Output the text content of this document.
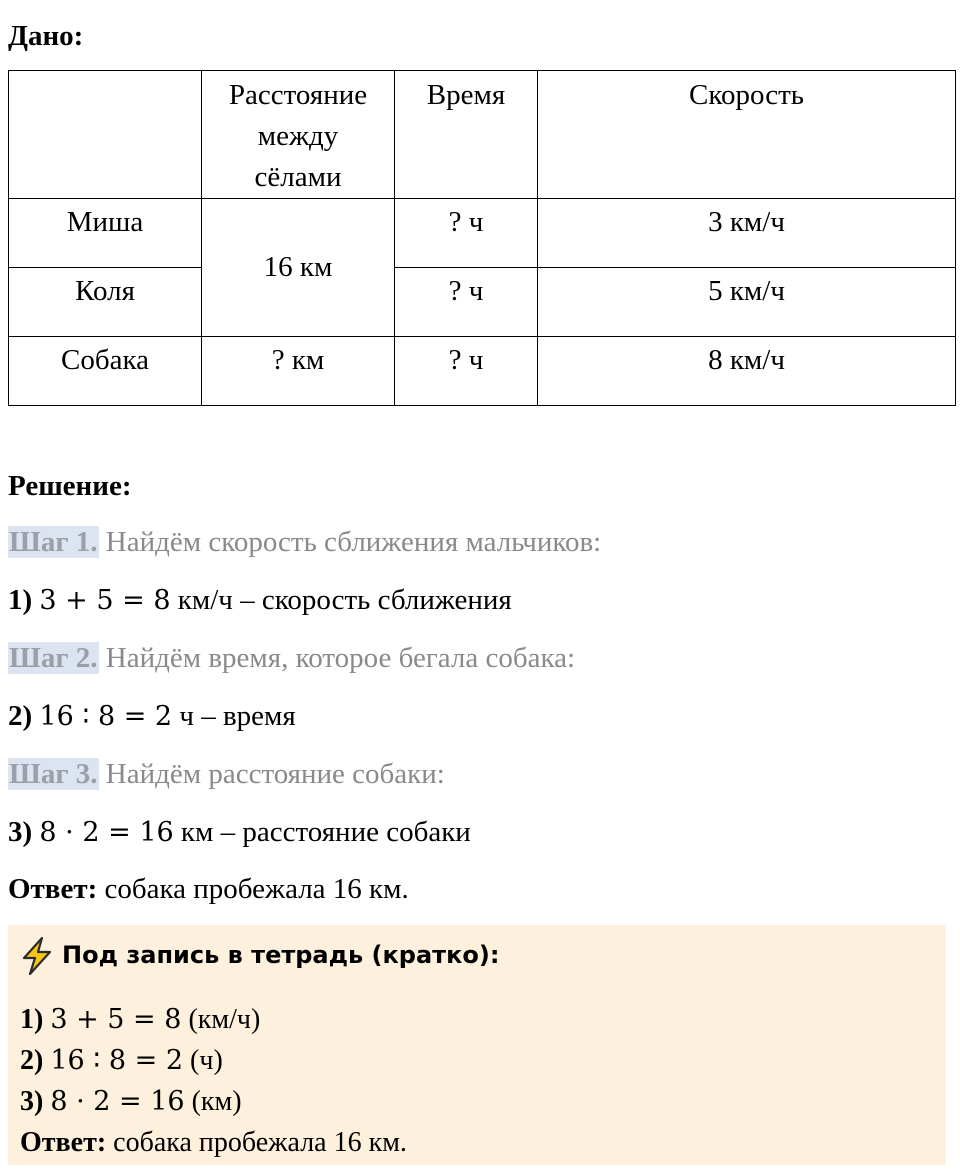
Дано:

	Расстояние
между
сёлами	Время	Скорость
Миша	16 км	? ч	3 км/ч
Коля		? ч	5 км/ч
Собака	? км	? ч	8 км/ч
Решение:
Шаг 1. Найдём скорость сближения мальчиков:
1) 3 + 5 = 8 км/ч – скорость сближения
Шаг 2. Найдём время, которое бегала собака:
2) 16 ∶ 8 = 2 ч – время
Шаг 3. Найдём расстояние собаки:
3) 8 · 2 = 16 км – расстояние собаки
Ответ: собака пробежала 16 км.
Под запись в тетрадь (кратко):
1) 3 + 5 = 8 (км/ч)
2) 16 ∶ 8 = 2 (ч)
3) 8 · 2 = 16 (км)
Ответ: собака пробежала 16 км.
